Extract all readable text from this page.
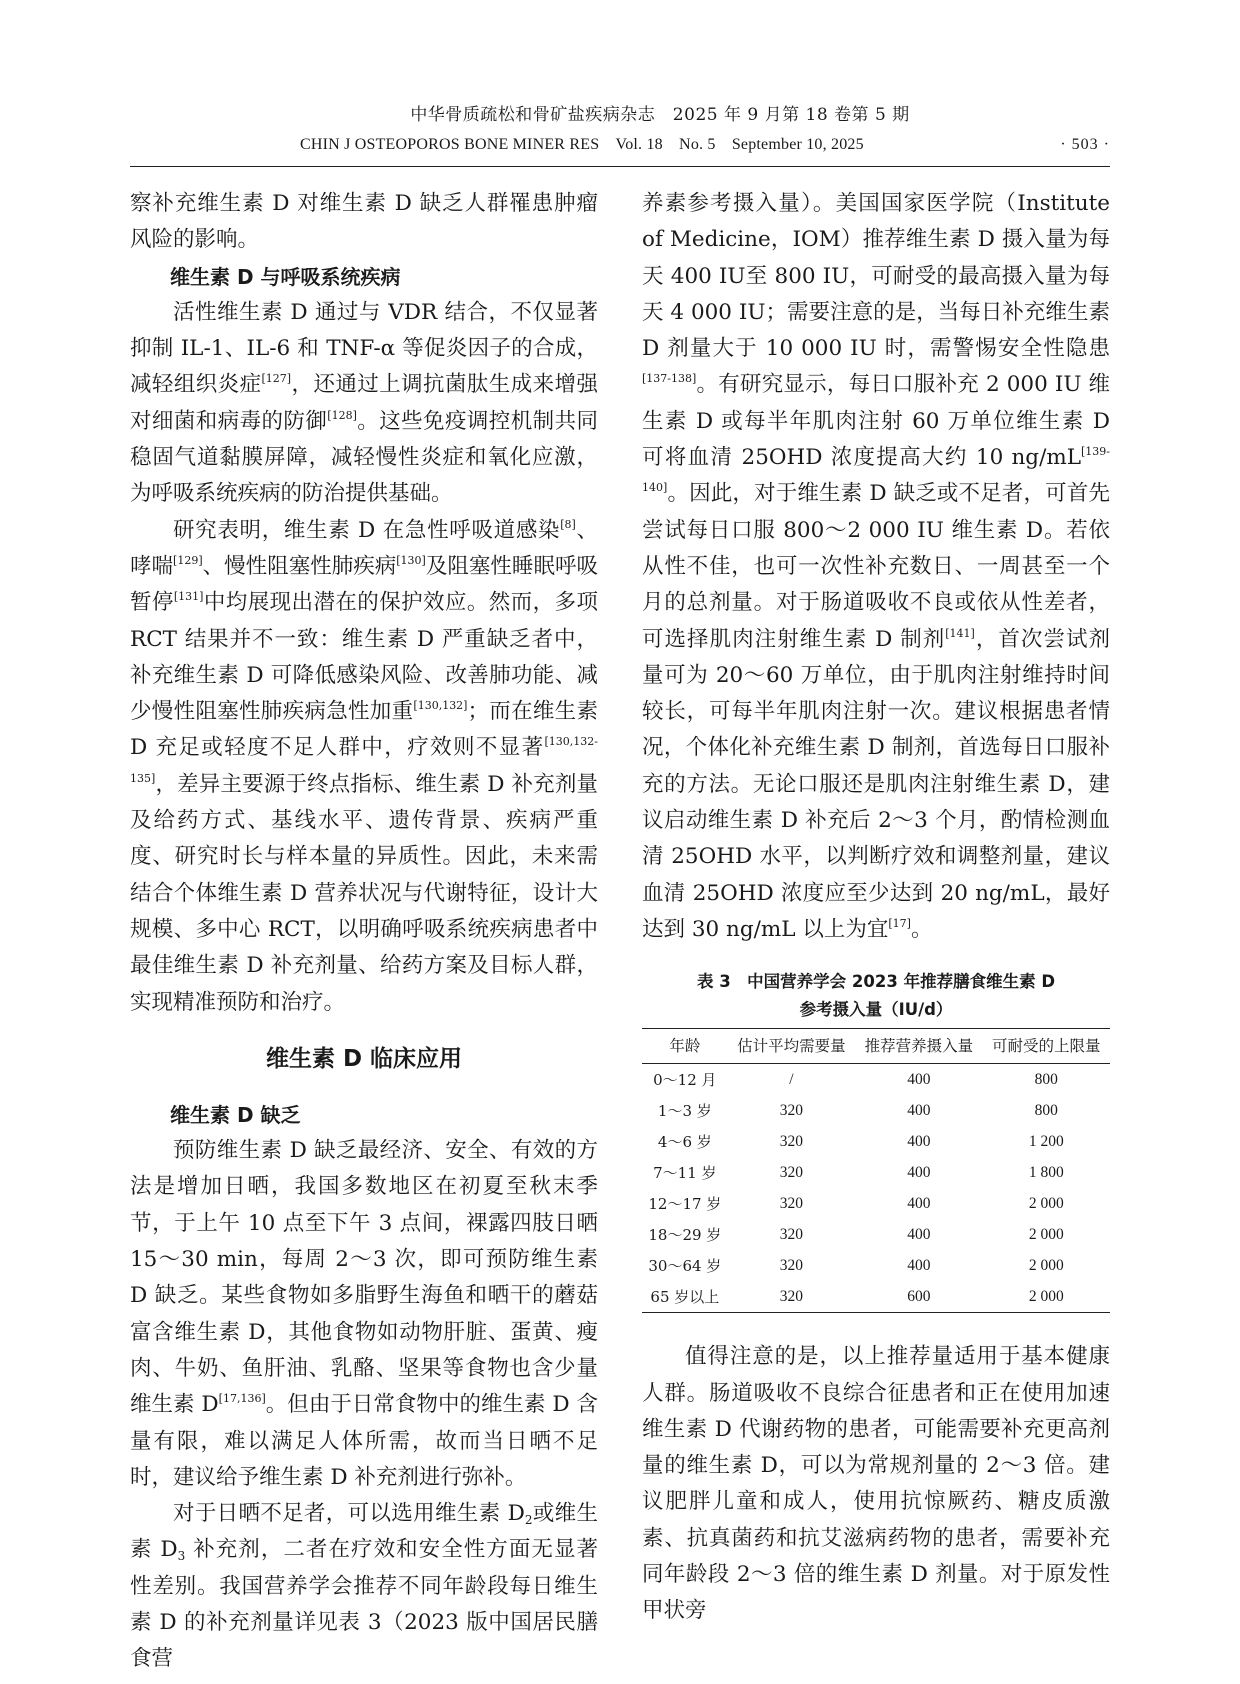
中华骨质疏松和骨矿盐疾病杂志　2025 年 9 月第 18 卷第 5 期
CHIN J OSTEOPOROS BONE MINER RES　Vol. 18　No. 5　September 10, 2025	· 503 ·

察补充维生素 D 对维生素 D 缺乏人群罹患肿瘤风险的影响。

维生素 D 与呼吸系统疾病

活性维生素 D 通过与 VDR 结合，不仅显著抑制 IL-1、IL-6 和 TNF-α 等促炎因子的合成，减轻组织炎症[127]，还通过上调抗菌肽生成来增强对细菌和病毒的防御[128]。这些免疫调控机制共同稳固气道黏膜屏障，减轻慢性炎症和氧化应激，为呼吸系统疾病的防治提供基础。

研究表明，维生素 D 在急性呼吸道感染[8]、哮喘[129]、慢性阻塞性肺疾病[130]及阻塞性睡眠呼吸暂停[131]中均展现出潜在的保护效应。然而，多项 RCT 结果并不一致：维生素 D 严重缺乏者中，补充维生素 D 可降低感染风险、改善肺功能、减少慢性阻塞性肺疾病急性加重[130,132]；而在维生素 D 充足或轻度不足人群中，疗效则不显著[130,132-135]，差异主要源于终点指标、维生素 D 补充剂量及给药方式、基线水平、遗传背景、疾病严重度、研究时长与样本量的异质性。因此，未来需结合个体维生素 D 营养状况与代谢特征，设计大规模、多中心 RCT，以明确呼吸系统疾病患者中最佳维生素 D 补充剂量、给药方案及目标人群，实现精准预防和治疗。

维生素 D 临床应用
维生素 D 缺乏

预防维生素 D 缺乏最经济、安全、有效的方法是增加日晒，我国多数地区在初夏至秋末季节，于上午 10 点至下午 3 点间，裸露四肢日晒 15～30 min，每周 2～3 次，即可预防维生素 D 缺乏。某些食物如多脂野生海鱼和晒干的蘑菇富含维生素 D，其他食物如动物肝脏、蛋黄、瘦肉、牛奶、鱼肝油、乳酪、坚果等食物也含少量维生素 D[17,136]。但由于日常食物中的维生素 D 含量有限，难以满足人体所需，故而当日晒不足时，建议给予维生素 D 补充剂进行弥补。

对于日晒不足者，可以选用维生素 $D_2$或维生素 $D_3$ 补充剂，二者在疗效和安全性方面无显著性差别。我国营养学会推荐不同年龄段每日维生素 D 的补充剂量详见表 3（2023 版中国居民膳食营

养素参考摄入量）。美国国家医学院（Institute of Medicine，IOM）推荐维生素 D 摄入量为每天 400 IU至 800 IU，可耐受的最高摄入量为每天 4 000 IU；需要注意的是，当每日补充维生素 D 剂量大于 10 000 IU 时，需警惕安全性隐患[137-138]。有研究显示，每日口服补充 2 000 IU 维生素 D 或每半年肌肉注射 60 万单位维生素 D 可将血清 25OHD 浓度提高大约 10 ng/mL[139-140]。因此，对于维生素 D 缺乏或不足者，可首先尝试每日口服 800～2 000 IU 维生素 D。若依从性不佳，也可一次性补充数日、一周甚至一个月的总剂量。对于肠道吸收不良或依从性差者，可选择肌肉注射维生素 D 制剂[141]，首次尝试剂量可为 20～60 万单位，由于肌肉注射维持时间较长，可每半年肌肉注射一次。建议根据患者情况，个体化补充维生素 D 制剂，首选每日口服补充的方法。无论口服还是肌肉注射维生素 D，建议启动维生素 D 补充后 2～3 个月，酌情检测血清 25OHD 水平，以判断疗效和调整剂量，建议血清 25OHD 浓度应至少达到 20 ng/mL，最好达到 30 ng/mL 以上为宜[17]。

表 3　中国营养学会 2023 年推荐膳食维生素 D
参考摄入量（IU/d）
年龄	估计平均需要量	推荐营养摄入量	可耐受的上限量
0～12 月	/	400	800
1～3 岁	320	400	800
4～6 岁	320	400	1 200
7～11 岁	320	400	1 800
12～17 岁	320	400	2 000
18～29 岁	320	400	2 000
30～64 岁	320	400	2 000
65 岁以上	320	600	2 000

值得注意的是，以上推荐量适用于基本健康人群。肠道吸收不良综合征患者和正在使用加速维生素 D 代谢药物的患者，可能需要补充更高剂量的维生素 D，可以为常规剂量的 2～3 倍。建议肥胖儿童和成人，使用抗惊厥药、糖皮质激素、抗真菌药和抗艾滋病药物的患者，需要补充同年龄段 2～3 倍的维生素 D 剂量。对于原发性甲状旁
